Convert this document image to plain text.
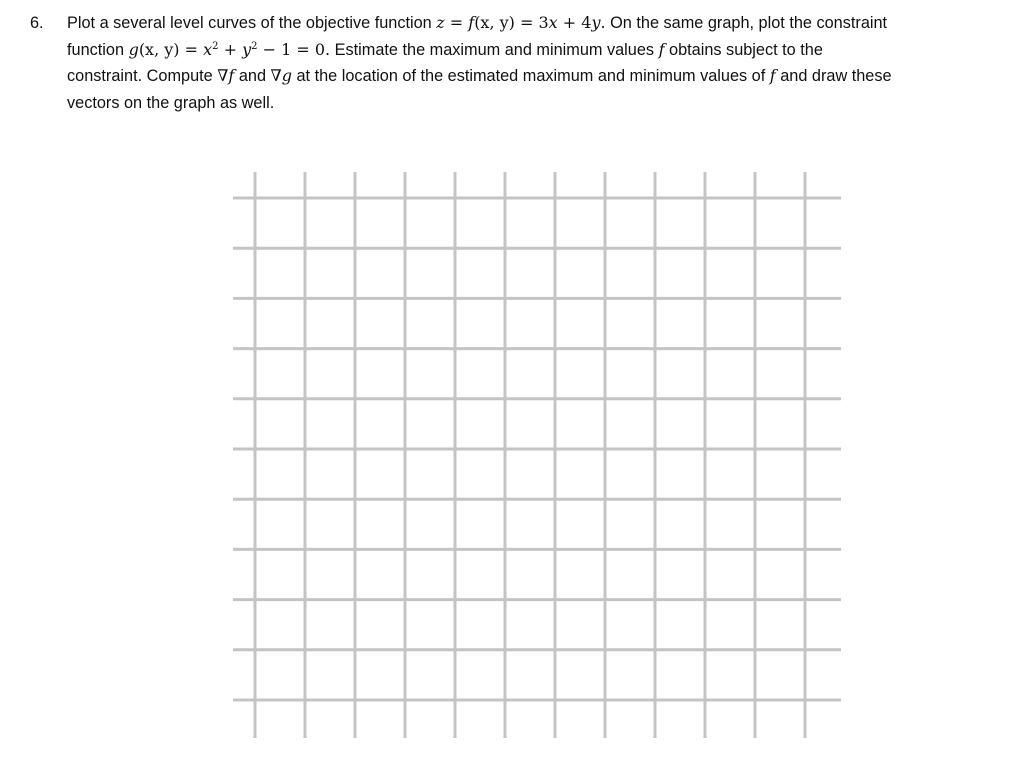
6.	Plot a several level curves of the objective function z = f(x, y) = 3x + 4y. On the same graph, plot the constraint
function g(x, $y) = x^2 + y^2 - 1 = 0$. Estimate the maximum and minimum values f obtains subject to the
constraint. Compute ∇f and ∇g at the location of the estimated maximum and minimum values of f and draw these
vectors on the graph as well.
